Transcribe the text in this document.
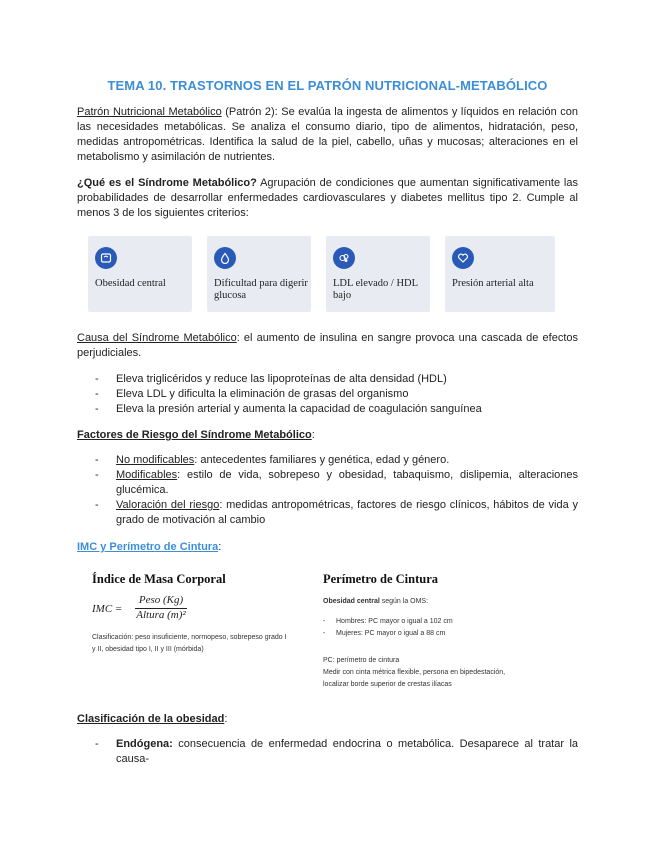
TEMA 10. TRASTORNOS EN EL PATRÓN NUTRICIONAL-METABÓLICO
Patrón Nutricional Metabólico (Patrón 2): Se evalúa la ingesta de alimentos y líquidos en relación con las necesidades metabólicas. Se analiza el consumo diario, tipo de alimentos, hidratación, peso, medidas antropométricas. Identifica la salud de la piel, cabello, uñas y mucosas; alteraciones en el metabolismo y asimilación de nutrientes.
¿Qué es el Síndrome Metabólico? Agrupación de condiciones que aumentan significativamente las probabilidades de desarrollar enfermedades cardiovasculares y diabetes mellitus tipo 2. Cumple al menos 3 de los siguientes criterios:
Obesidad central	Dificultad para digerir glucosa
LDL elevado / HDL bajo
Presión arterial alta
Causa del Síndrome Metabólico: el aumento de insulina en sangre provoca una cascada de efectos perjudiciales.
- Eleva triglicéridos y reduce las lipoproteínas de alta densidad (HDL)
- Eleva LDL y dificulta la eliminación de grasas del organismo
- Eleva la presión arterial y aumenta la capacidad de coagulación sanguínea
Factores de Riesgo del Síndrome Metabólico:
- No modificables: antecedentes familiares y genética, edad y género.
- Modificables: estilo de vida, sobrepeso y obesidad, tabaquismo, dislipemia, alteraciones glucémica.
- Valoración del riesgo: medidas antropométricas, factores de riesgo clínicos, hábitos de vida y grado de motivación al cambio
IMC y Perímetro de Cintura:
Índice de Masa Corporal
IMC =
Peso (Kg)
Altura (m)²
Clasificación: peso insuficiente, normopeso, sobrepeso grado I
y II, obesidad tipo I, II y III (mórbida)
Perímetro de Cintura
Obesidad central según la OMS:
- Hombres: PC mayor o igual a 102 cm
- Mujeres: PC mayor o igual a 88 cm
PC: perímetro de cintura
Medir con cinta métrica flexible, persona en bipedestación,
localizar borde superior de crestas ilíacas
Clasificación de la obesidad:
- Endógena: consecuencia de enfermedad endocrina o metabólica. Desaparece al tratar la causa-
